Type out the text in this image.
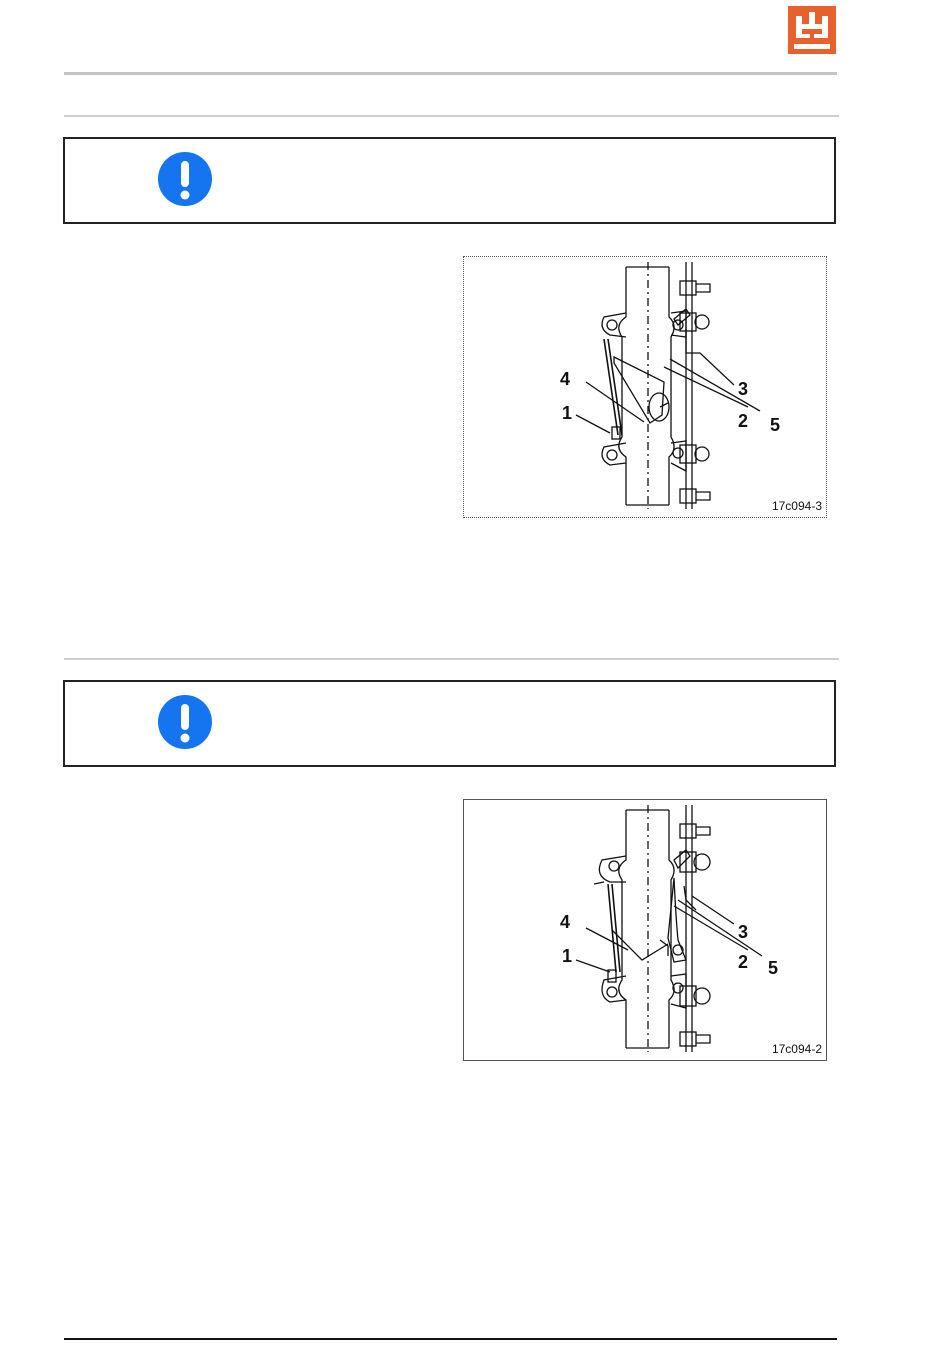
4
1	2
3
5
17c094-3
4
1	2
3
5
17c094-2
